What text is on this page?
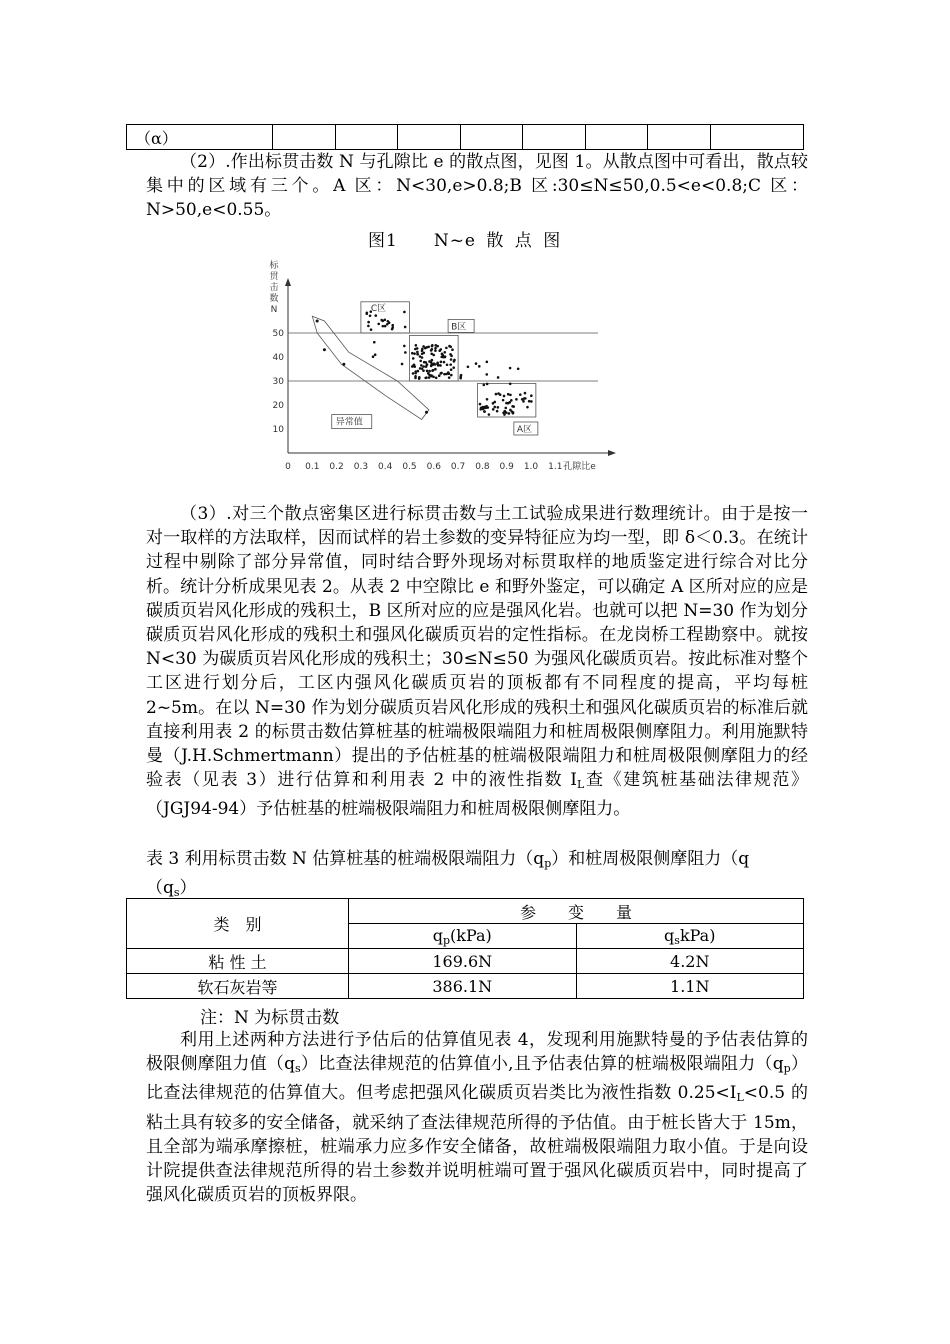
（α）								
（2）.作出标贯击数 N 与孔隙比 e 的散点图，见图 1。从散点图中可看出，散点较集中的区域有三个。A 区：N<30,e>0.8;B 区:30≤N≤50,0.5<e<0.8;C 区：N>50,e<0.55。
图1　　N~e 散 点 图
标
贯
击
数
N
10
20
30
40
50
0 0.1 0.2 0.3 0.4 0.5 0.6 0.7 0.8 0.9 1.0 1.1 孔隙比e
C区
B区
A区
异常值
（3）.对三个散点密集区进行标贯击数与土工试验成果进行数理统计。由于是按一对一取样的方法取样，因而试样的岩土参数的变异特征应为均一型，即 δ＜0.3。在统计过程中剔除了部分异常值，同时结合野外现场对标贯取样的地质鉴定进行综合对比分析。统计分析成果见表 2。从表 2 中空隙比 e 和野外鉴定，可以确定 A 区所对应的应是碳质页岩风化形成的残积土，B 区所对应的应是强风化岩。也就可以把 N=30 作为划分碳质页岩风化形成的残积土和强风化碳质页岩的定性指标。在龙岗桥工程勘察中。就按 N<30 为碳质页岩风化形成的残积土；30≤N≤50 为强风化碳质页岩。按此标准对整个工区进行划分后，工区内强风化碳质页岩的顶板都有不同程度的提高，平均每桩 2~5m。在以 N=30 作为划分碳质页岩风化形成的残积土和强风化碳质页岩的标准后就直接利用表 2 的标贯击数估算桩基的桩端极限端阻力和桩周极限侧摩阻力。利用施默特曼（J.H.Schmertmann）提出的予估桩基的桩端极限端阻力和桩周极限侧摩阻力的经验表（见表 3）进行估算和利用表 2 中的液性指数 $I_L$查《建筑桩基础法律规范》（JGJ94-94）予估桩基的桩端极限端阻力和桩周极限侧摩阻力。
表 3 利用标贯击数 N 估算桩基的桩端极限端阻力$(q_p)$和桩周极限侧摩阻力（q
$(q_s)$
类　别	参　　变　　量	
	$q_p(kPa)$	$q_skPa$)
粘 性 土	169.6N	4.2N
软石灰岩等	386.1N	1.1N
注：N 为标贯击数
利用上述两种方法进行予估后的估算值见表 4，发现利用施默特曼的予估表估算的极限侧摩阻力值$(q_s)$比查法律规范的估算值小,且予估表估算的桩端极限端阻力$(q_p)$比查法律规范的估算值大。但考虑把强风化碳质页岩类比为液性指数 $0.25<I_L<0.5$ 的粘土具有较多的安全储备，就采纳了查法律规范所得的予估值。由于桩长皆大于 15m，且全部为端承摩擦桩，桩端承力应多作安全储备，故桩端极限端阻力取小值。于是向设计院提供查法律规范所得的岩土参数并说明桩端可置于强风化碳质页岩中，同时提高了强风化碳质页岩的顶板界限。
